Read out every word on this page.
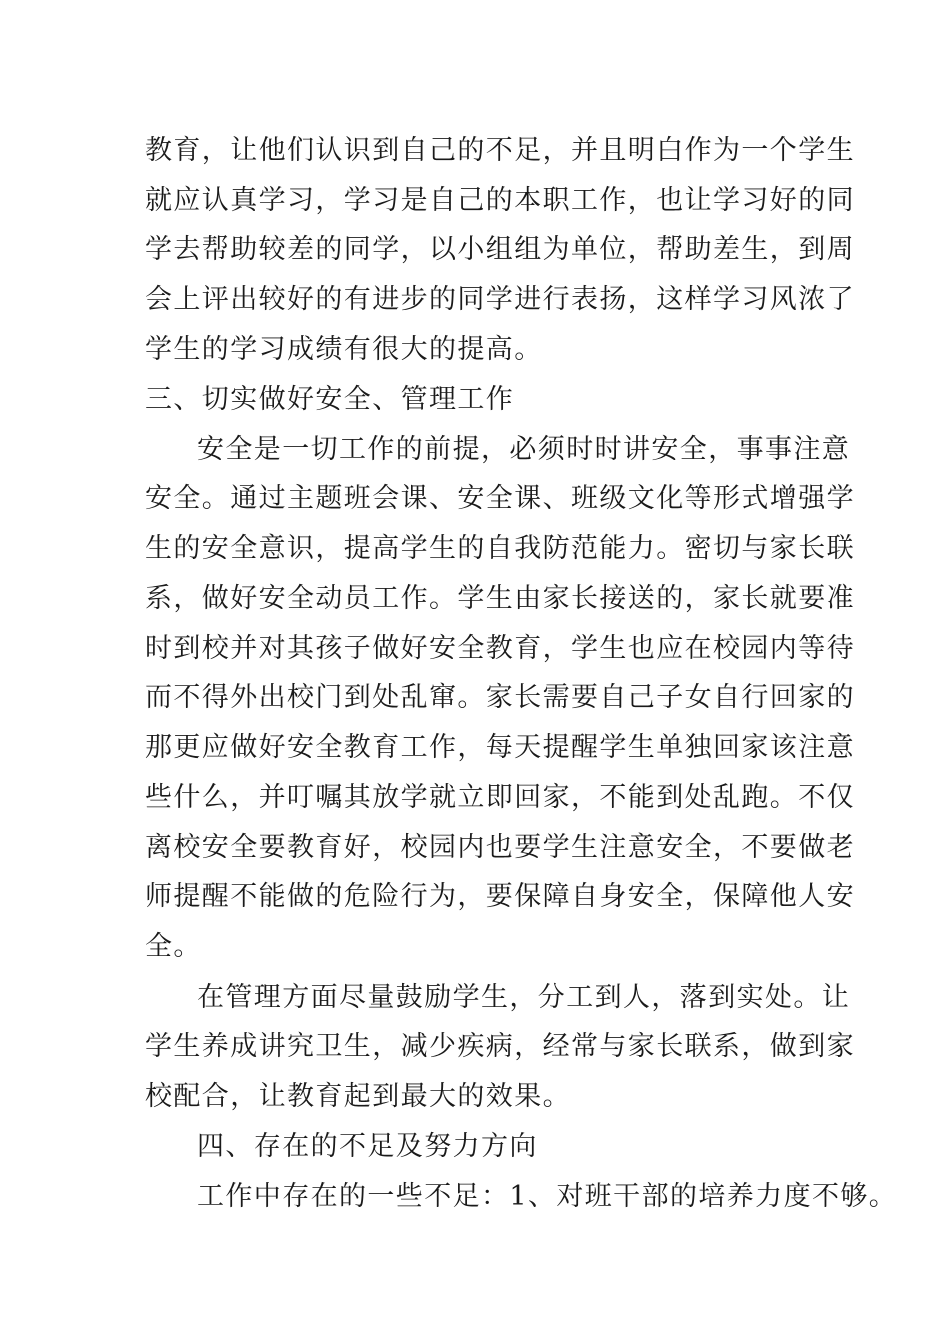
教育，让他们认识到自己的不足，并且明白作为一个学生
就应认真学习，学习是自己的本职工作，也让学习好的同
学去帮助较差的同学，以小组组为单位，帮助差生，到周
会上评出较好的有进步的同学进行表扬，这样学习风浓了
学生的学习成绩有很大的提高。
三、切实做好安全、管理工作
安全是一切工作的前提，必须时时讲安全，事事注意
安全。通过主题班会课、安全课、班级文化等形式增强学
生的安全意识，提高学生的自我防范能力。密切与家长联
系，做好安全动员工作。学生由家长接送的，家长就要准
时到校并对其孩子做好安全教育，学生也应在校园内等待
而不得外出校门到处乱窜。家长需要自己子女自行回家的
那更应做好安全教育工作，每天提醒学生单独回家该注意
些什么，并叮嘱其放学就立即回家，不能到处乱跑。不仅
离校安全要教育好，校园内也要学生注意安全，不要做老
师提醒不能做的危险行为，要保障自身安全，保障他人安
全。
在管理方面尽量鼓励学生，分工到人，落到实处。让
学生养成讲究卫生，减少疾病，经常与家长联系，做到家
校配合，让教育起到最大的效果。
四、存在的不足及努力方向
工作中存在的一些不足：1、对班干部的培养力度不够。
